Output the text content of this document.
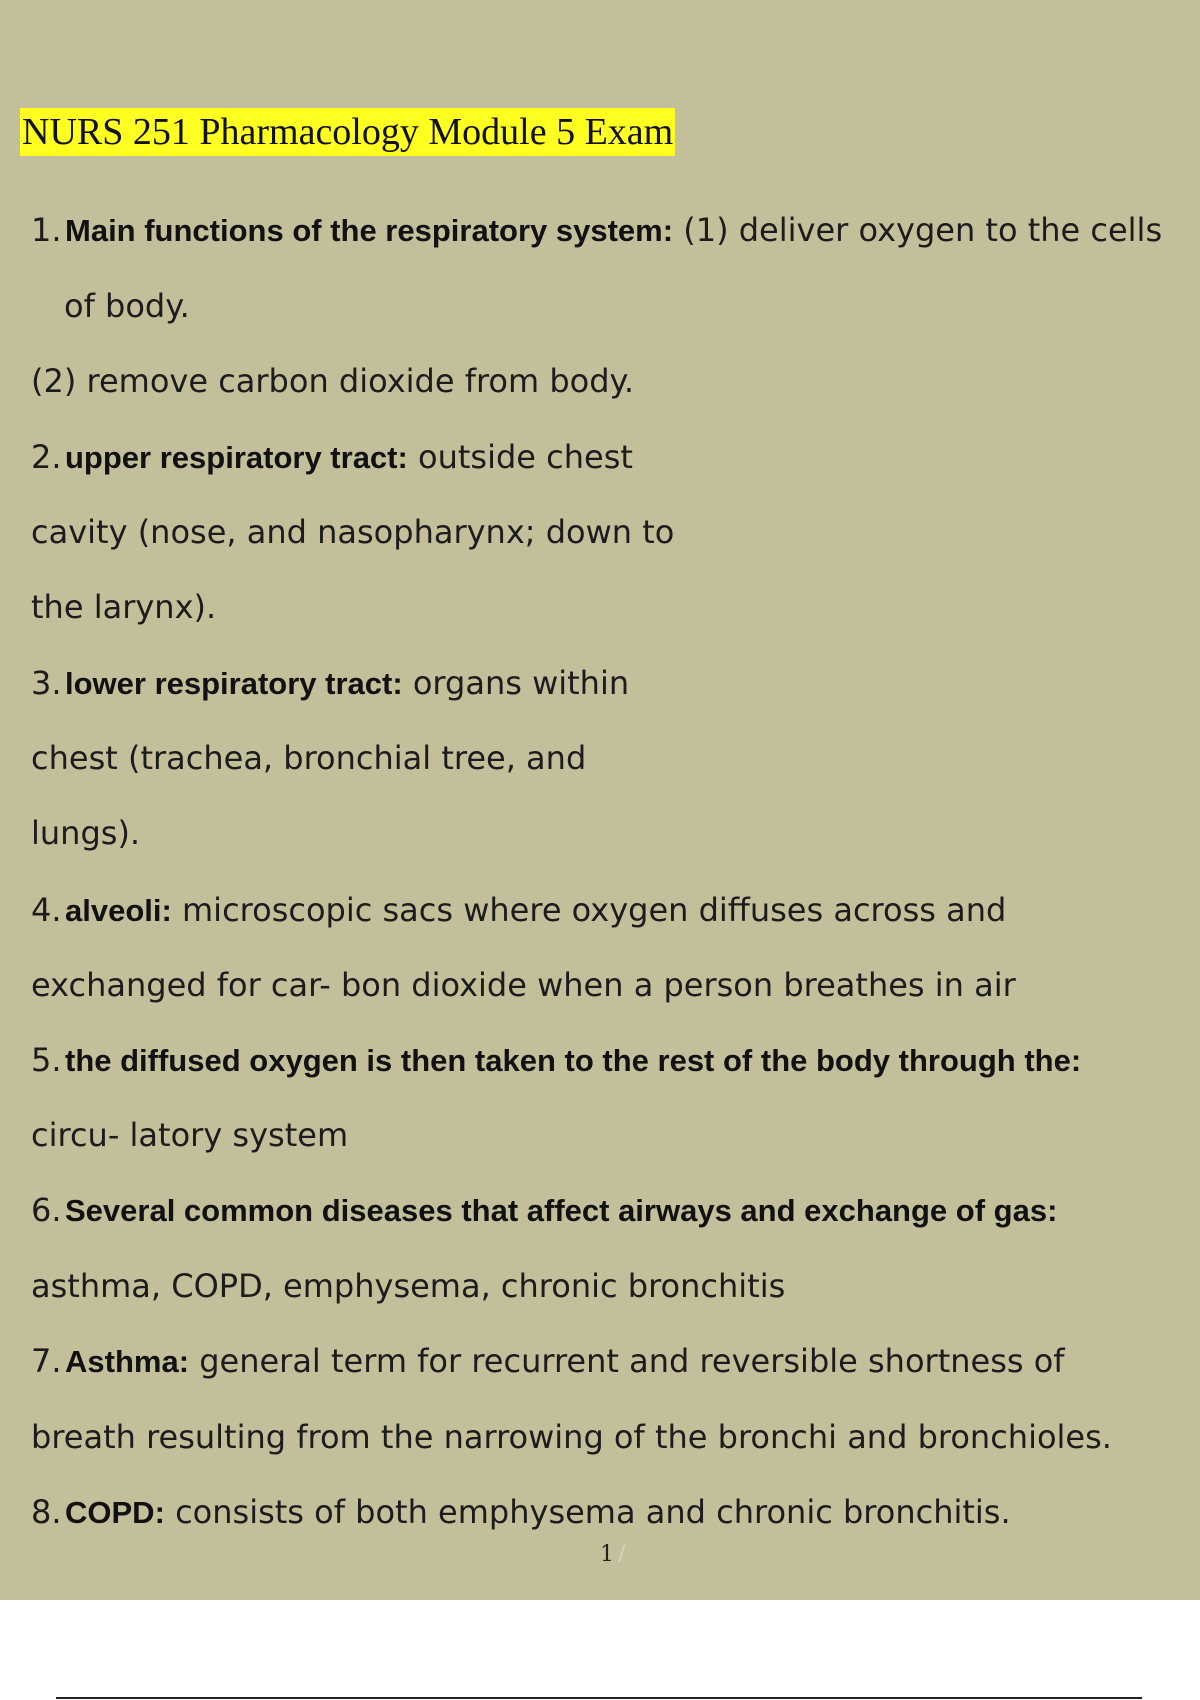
NURS 251 Pharmacology Module 5 Exam

1. Main functions of the respiratory system: (1) deliver oxygen to the cells

of body.

(2) remove carbon dioxide from body.

2. upper respiratory tract: outside chest

cavity (nose, and nasopharynx; down to

the larynx).

3. lower respiratory tract: organs within

chest (trachea, bronchial tree, and

lungs).

4. alveoli: microscopic sacs where oxygen diffuses across and

exchanged for car- bon dioxide when a person breathes in air

5. the diffused oxygen is then taken to the rest of the body through the:

circu- latory system

6. Several common diseases that affect airways and exchange of gas:

asthma, COPD, emphysema, chronic bronchitis

7. Asthma: general term for recurrent and reversible shortness of

breath resulting from the narrowing of the bronchi and bronchioles.

8. COPD: consists of both emphysema and chronic bronchitis.

1 /
